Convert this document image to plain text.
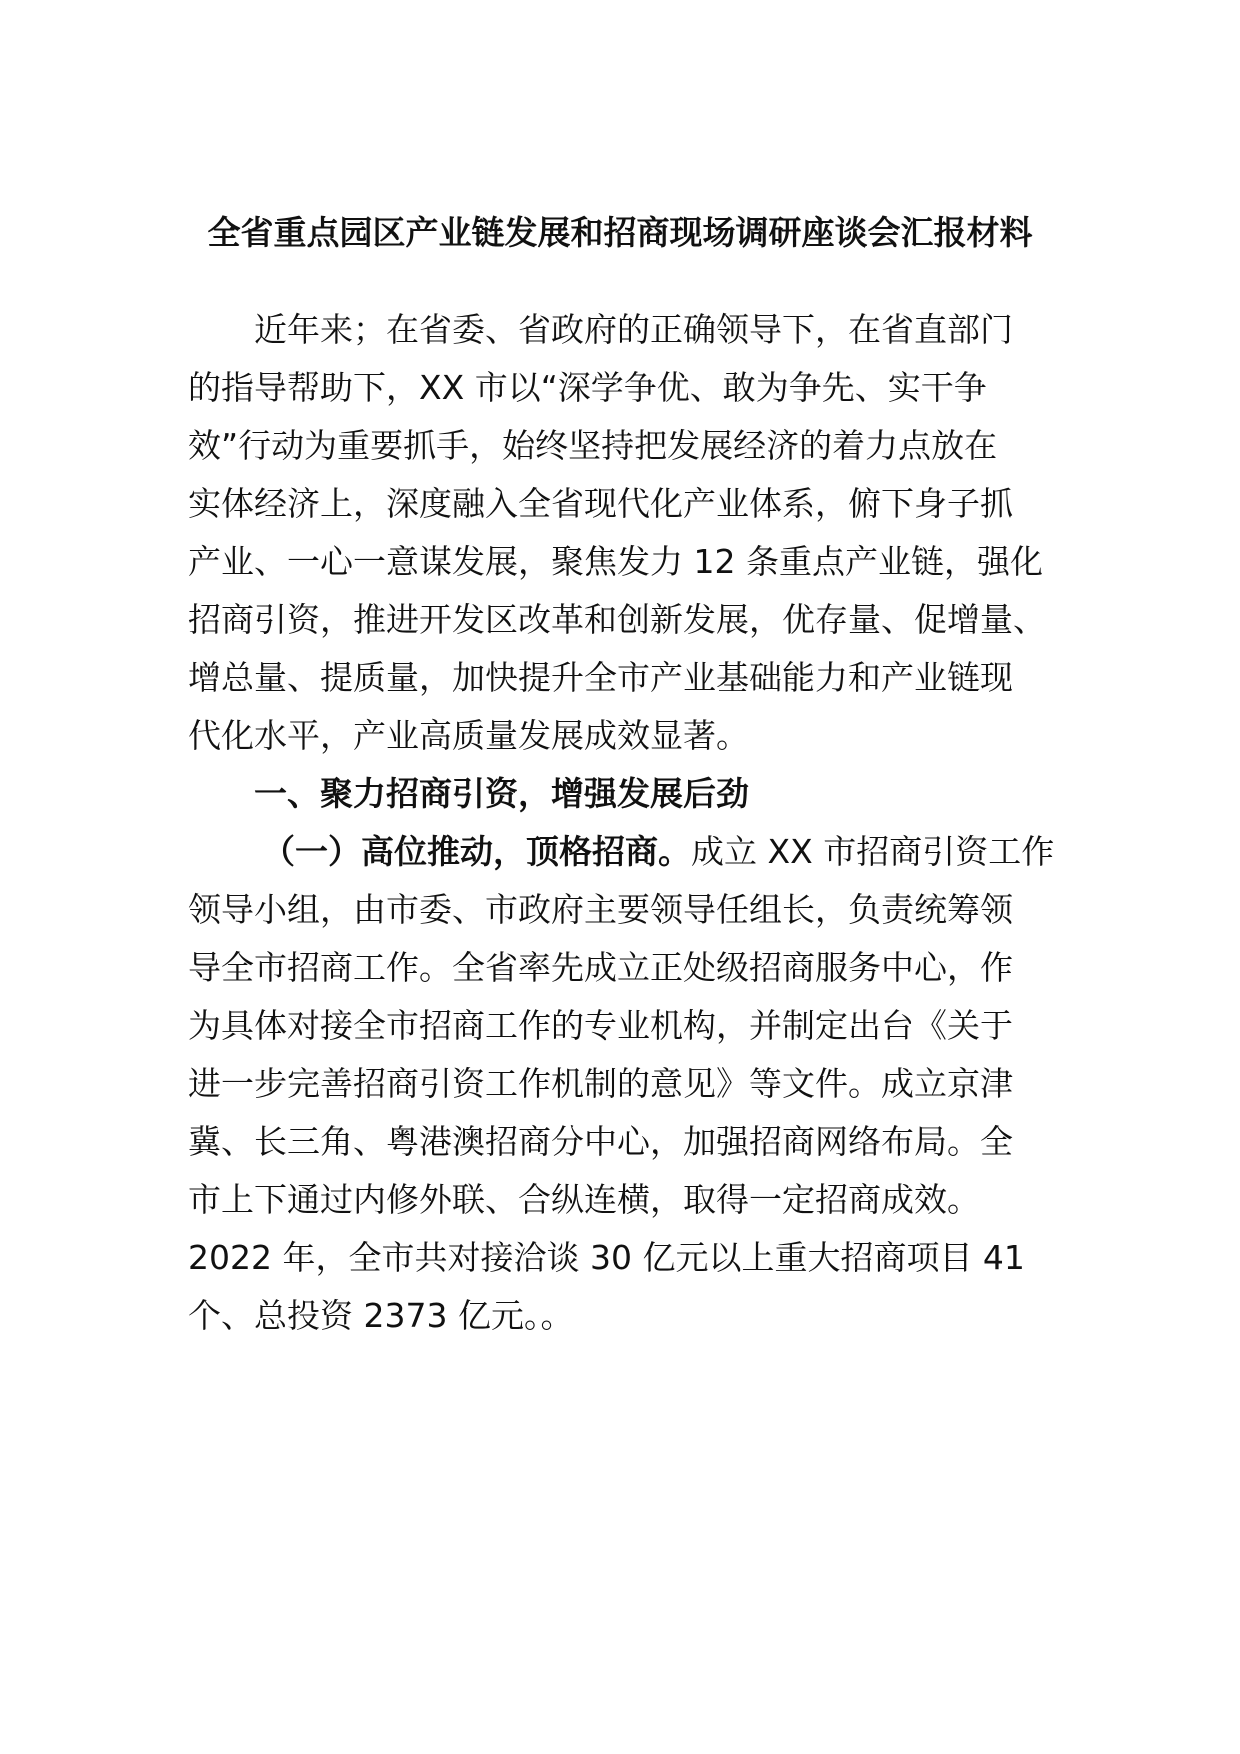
全省重点园区产业链发展和招商现场调研座谈会汇报材料
近年来；在省委、省政府的正确领导下，在省直部门
的指导帮助下，XX 市以“深学争优、敢为争先、实干争
效”行动为重要抓手，始终坚持把发展经济的着力点放在
实体经济上，深度融入全省现代化产业体系，俯下身子抓
产业、一心一意谋发展，聚焦发力 12 条重点产业链，强化
招商引资，推进开发区改革和创新发展，优存量、促增量、
增总量、提质量，加快提升全市产业基础能力和产业链现
代化水平，产业高质量发展成效显著。
一、聚力招商引资，增强发展后劲
（一）高位推动，顶格招商。成立 XX 市招商引资工作
领导小组，由市委、市政府主要领导任组长，负责统筹领
导全市招商工作。全省率先成立正处级招商服务中心，作
为具体对接全市招商工作的专业机构，并制定出台《关于
进一步完善招商引资工作机制的意见》等文件。成立京津
冀、长三角、粤港澳招商分中心，加强招商网络布局。全
市上下通过内修外联、合纵连横，取得一定招商成效。
2022 年，全市共对接洽谈 30 亿元以上重大招商项目 41
个、总投资 2373 亿元。。
